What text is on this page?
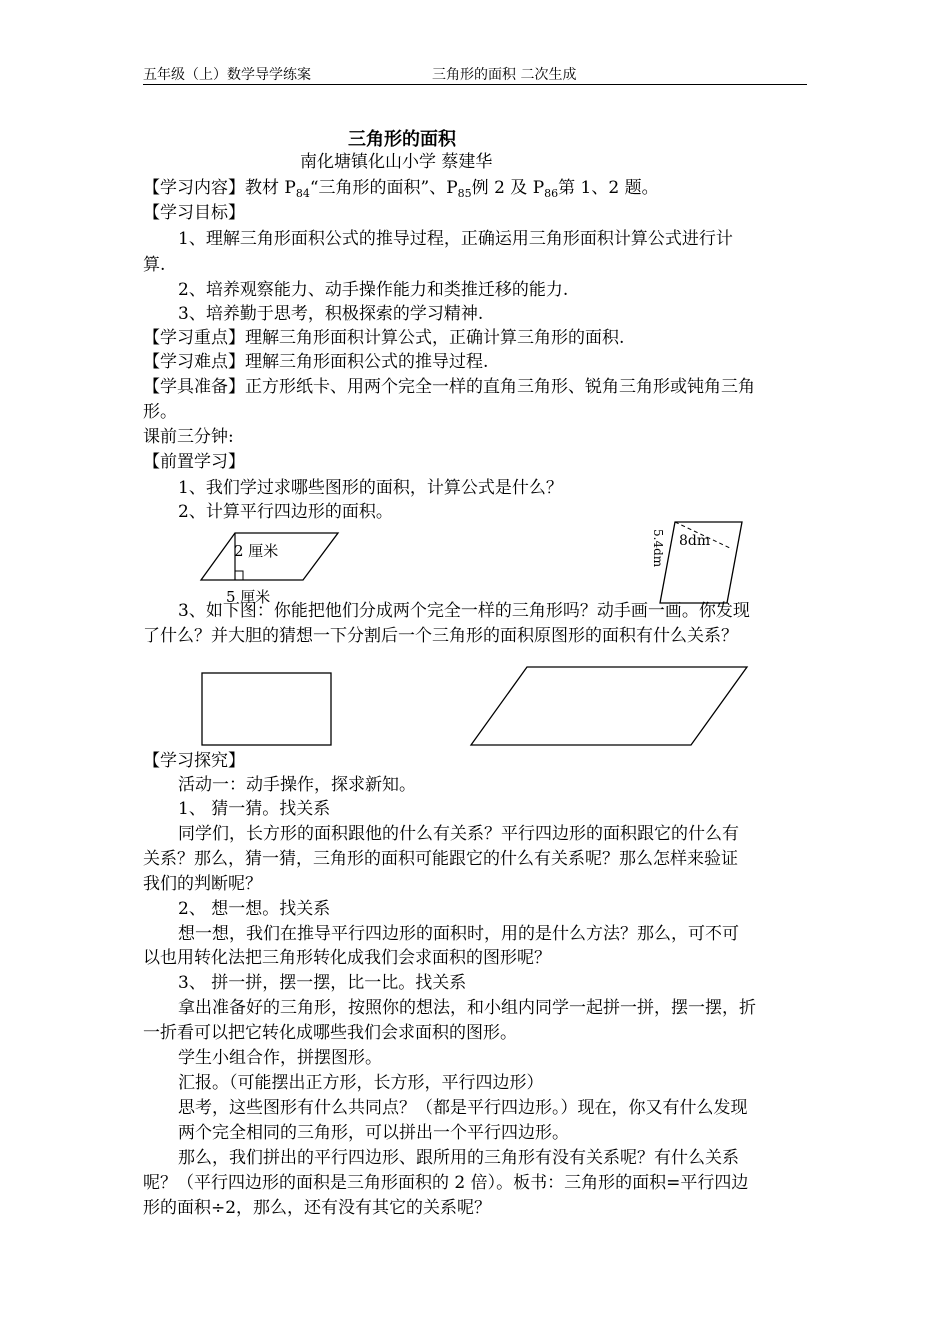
五年级（上）数学导学练案	三角形的面积 二次生成
三角形的面积
南化塘镇化山小学 蔡建华
【学习内容】教材 $P_{84}“$三角形的面积”、$P_{85}$例 2 及 $P_{86}$第 1、2 题。
【学习目标】
1、理解三角形面积公式的推导过程，正确运用三角形面积计算公式进行计
算.
2、培养观察能力、动手操作能力和类推迁移的能力.
3、培养勤于思考，积极探索的学习精神.
【学习重点】理解三角形面积计算公式，正确计算三角形的面积.
【学习难点】理解三角形面积公式的推导过程.
【学具准备】正方形纸卡、用两个完全一样的直角三角形、锐角三角形或钝角三角
形。
课前三分钟:
【前置学习】
1、我们学过求哪些图形的面积，计算公式是什么？
2、计算平行四边形的面积。
2 厘米
5 厘米
8dm
5.4dm
3、如下图：你能把他们分成两个完全一样的三角形吗？动手画一画。你发现
了什么？并大胆的猜想一下分割后一个三角形的面积原图形的面积有什么关系？
【学习探究】
活动一：动手操作，探求新知。
1、 猜一猜。找关系
同学们，长方形的面积跟他的什么有关系？平行四边形的面积跟它的什么有
关系？那么，猜一猜，三角形的面积可能跟它的什么有关系呢？那么怎样来验证
我们的判断呢？
2、 想一想。找关系
想一想，我们在推导平行四边形的面积时，用的是什么方法？那么，可不可
以也用转化法把三角形转化成我们会求面积的图形呢？
3、 拼一拼，摆一摆，比一比。找关系
拿出准备好的三角形，按照你的想法，和小组内同学一起拼一拼，摆一摆，折
一折看可以把它转化成哪些我们会求面积的图形。
学生小组合作，拼摆图形。
汇报。（可能摆出正方形，长方形，平行四边形）
思考，这些图形有什么共同点？（都是平行四边形。）现在，你又有什么发现
两个完全相同的三角形，可以拼出一个平行四边形。
那么，我们拼出的平行四边形、跟所用的三角形有没有关系呢？有什么关系
呢？（平行四边形的面积是三角形面积的 2 倍）。板书：三角形的面积=平行四边
形的面积÷2，那么，还有没有其它的关系呢？
